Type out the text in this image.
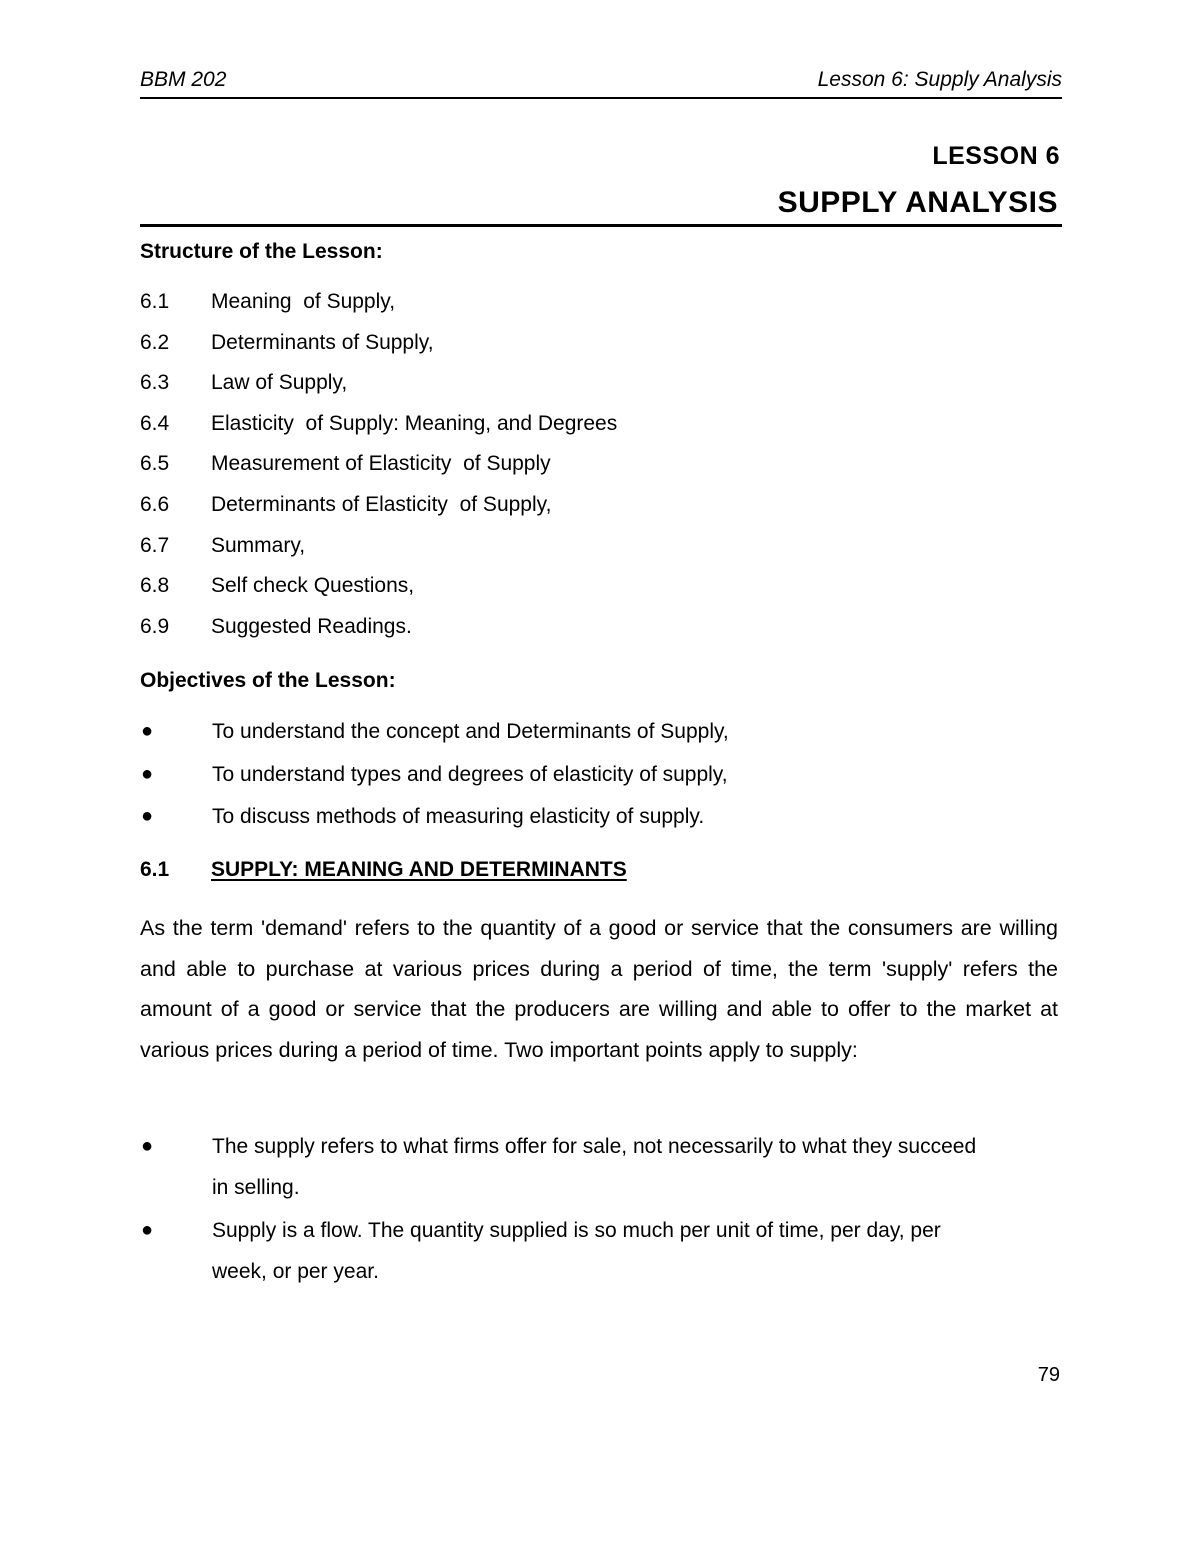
BBM 202	Lesson 6: Supply Analysis
LESSON 6
SUPPLY ANALYSIS
Structure of the Lesson:
6.1	Meaning  of Supply,
6.2	Determinants of Supply,
6.3	Law of Supply,
6.4	Elasticity  of Supply: Meaning, and Degrees
6.5	Measurement of Elasticity  of Supply
6.6	Determinants of Elasticity  of Supply,
6.7	Summary,
6.8	Self check Questions,
6.9	Suggested Readings.
Objectives of the Lesson:
●	To understand the concept and Determinants of Supply,
●	To understand types and degrees of elasticity of supply,
●	To discuss methods of measuring elasticity of supply.
6.1	SUPPLY: MEANING AND DETERMINANTS

As the term 'demand' refers to the quantity of a good or service that the consumers are willing and able to purchase at various prices during a period of time, the term 'supply' refers the amount of a good or service that the producers are willing and able to offer to the market at various prices during a period of time. Two important points apply to supply:

●	The supply refers to what firms offer for sale, not necessarily to what they succeed in selling.
●	Supply is a flow. The quantity supplied is so much per unit of time, per day, per week, or per year.
79
